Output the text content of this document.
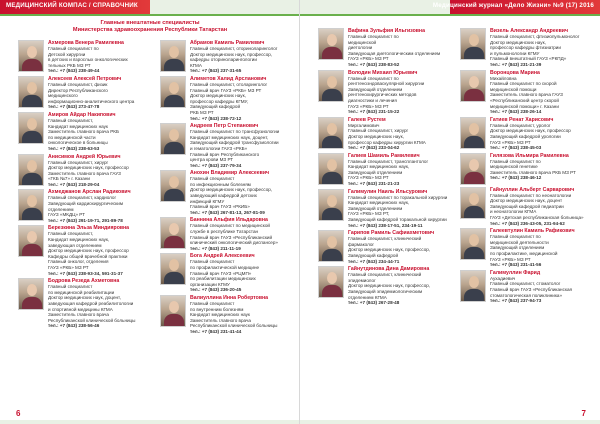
МЕДИЦИНСКИЙ КОМПАС / СПРАВОЧНИК
Главные внештатные специалисты
Министерства здравоохранения Республики Татарстан
Ахмерова Венера Рамилевна
Главный специалист по
Детской хирургии
в детских и взрослых онкологических
тельных РКБ МЗ РТ
тел.: +7 (843) 238-49-44
Алексеев Алексей Петрович
Главный специалист, физик
Директор Республиканского
медицинского
информационно-аналитического центра
тел.: +7 (843) 273-47-78
Амиров Айдар Накипович
Главный специалист,
Кандидат медицинских наук
Заместитель главного врача РКБ
по медицинской части
онкологическое в больницы
тел.: +7 (843) 238-63-53
Анисимов Андрей Юрьевич
Главный специалист, хирург
Доктор медицинских наук, профессор
Заместитель главного врача ГАУЗ
«ГКБ №7» г. Казани
тел.: +7 (843) 218-29-04
Ахмеджанов Арслан Радикович
Главный специалист, кардиолог
Заведующий кардиохирургическим
отделением
ГАУЗ «МКДЦ» РТ
тел.: +7 (843) 291-19-71, 291-89-78
Березкина Эльза Миндияровна
Главный специалист,
Кандидат медицинских наук,
заведующая отделением
Доктор медицинских наук, профессор
Кафедры общей врачебной практики
Главный онколог, отделения
ГАУЗ «РКБ» МЗ РТ
тел.: +7 (843) 238-93-34, 591-31-37
Бодрова Резеда Ахметовна
Главный специалист
по медицинской реабилитации
Доктор медицинских наук, доцент,
заведующая кафедрой реабилитологии
и спортивной медицины КГМА
Заместитель главного врача
Республиканской клинической больницы
тел.: +7 (843) 238-56-46
Абрамов Камиль Рамилевич
Главный специалист, оториноларинголог
Доктор медицинских наук, профессор,
кафедры оториноларингологии
КГМА
тел.: +7 (843) 237-31-65
Алиметов Халид Арсланович
Главный специалист, отоларинголог
Главный врач ГАУЗ «РКБ» МЗ РТ
Доктор медицинских наук,
профессор кафедры КГМУ,
Заведующий кафедрой
РКБ МЗ РТ
тел.: +7 (843) 238-72-12
Андреев Петр Степанович
Главный специалист по трансфузиологии
Кандидат медицинских наук, доцент,
Заведующий кафедрой трансфузиологии
и гематологии ГАУЗ «РКБ»
Главный врач Республиканского
центра крови МЗ РТ
тел.: +7 (843) 237-79-34
Анохин Владимир Алексеевич
Главный специалист
по инфекционным болезням
Доктор медицинских наук, профессор,
заведующий кафедрой детских
инфекций КГМУ
Главный врач ГАУЗ «РКИБ»
тел.: +7 (843) 267-81-13, 267-81-09
Баннина Альфия Ильдаровна
Главный специалист по медицинской
службе в республике Татарстан
Главный врач ГАУЗ «Республиканский
клинический онкологический диспансер»
тел.: +7 (843) 211-11-19
Бога Андрей Алексеевич
Главный специалист
по профилактической медицине
Главный врач ГАУЗ «РЦМП»
по реабилитации медицинских
организации КГМУ
тел.: +7 (843) 236-20-45
Валиуллина Инна Робертовна
Главный специалист
по внутренним болезням
Кандидат медицинских наук
Заместитель главного врача
Республиканской клинической больницы
тел.: +7 (843) 231-41-44
6
Медицинский журнал «Дело Жизни» №9 (17) 2016
Вафина Зульфия Ильгизовна
Главный специалист по
медицинской
диетологии
Заведующая диетологическим отделением
ГАУЗ «РКБ» МЗ РТ
тел.: +7 (843) 238-83-52
Володин Михаил Юрьевич
Главный специалист по
рентгеноэндоваскулярной хирургии
Заведующий отделением
рентгенохирургических методов
диагностики и лечения
ГАУЗ «РКБ» МЗ РТ
тел.: +7 (843) 231-15-22
Галеев Рустем
Миргалимович
Главный специалист, хирург
Доктор медицинских наук,
профессор кафедры хирургии КГМА
тел.: +7 (843) 233-04-62
Галиев Шамиль Рамилевич
Главный специалист, трансплантолог
Кандидат медицинских наук,
Заведующий отделением
ГАУЗ «РКБ» МЗ РТ
тел.: +7 (843) 231-21-23
Галимулин Наиль Ильсурович
Главный специалист по торакальной хирургии
Кандидат медицинских наук,
Заведующий отделением
ГАУЗ «РКБ» МЗ РТ,
Заведующий кафедрой торакальной хирургии
тел.: +7 (843) 238-17-51, 234-19-11
Гарипов Рамиль Сафиахметович
Главный специалист, клинический
фармаколог
Доктор медицинских наук, профессор,
Заведующий кафедрой
тел.: +7 (843) 234-44-71
Гайнутдинова Дина Дамировна
Главный специалист, клинический
эпидемиолог
Доктор медицинских наук, профессор,
Заведующий эпидемиологическим
отделением КГМА
тел.: +7 (843) 267-28-48
Визель Александр Андреевич
Главный специалист, фтизиопульмонолог
Доктор медицинских наук,
профессор кафедры фтизиатрии
и пульмонологии КГМУ
Главный внештатный ГАУЗ «РКПД»
тел.: +7 (843) 231-21-39
Воронцова Марина
Михайловна
Главный специалист по скорой
медицинской помощи
Заместитель главного врача ГАУЗ
«Республиканский центр скорой
медицинской помощи» г. Казани
тел.: +7 (843) 238-26-14
Гатиев Ренат Харисович
Главный специалист, уролог
Доктор медицинских наук, профессор
Заведующий кафедрой урологии
ГАУЗ «РКБ» МЗ РТ
тел.: +7 (843) 238-45-03
Гилязова Ильмира Рамилевна
Главный специалист по
медицинской генетике
Заместитель главного врача РКБ МЗ РТ
тел.: +7 (843) 238-46-12
Гайнуллин Альберт Сарварович
Главный специалист по неонатологии
Доктор медицинских наук, доцент
Заведующий кафедрой педиатрии
и неонатологии КГМА
ГАУЗ «Детская республиканская больница»
тел.: +7 (843) 236-43-05, 231-94-62
Галеевтулин Камиль Рафикович
Главный специалист по
медицинской деятельности
Заведующий отделением
по профилактике, медицинской
ГАУЗ «РКБ» МЗ РТ
тел.: +7 (843) 231-41-56
Галимуллин Фарид
Аухадиевич
Главный специалист, стоматолог
Главный врач ГАУЗ «Республиканская
стоматологическая поликлиника»
тел.: +7 (843) 237-94-73
7
